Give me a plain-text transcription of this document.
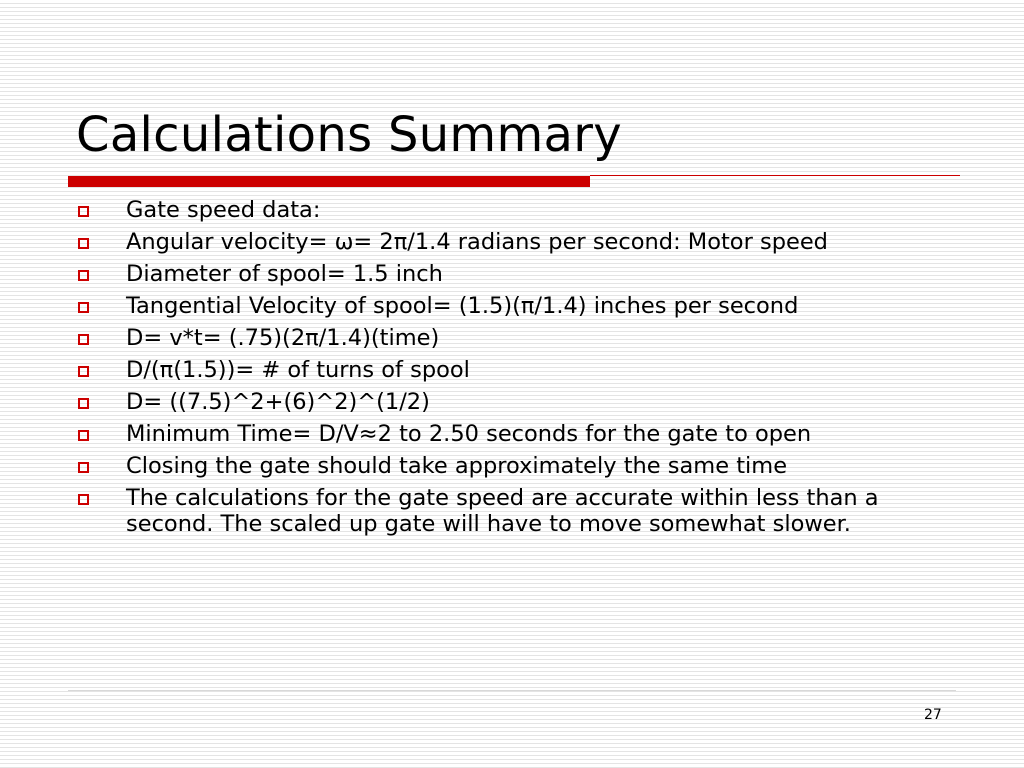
Calculations Summary
Gate speed data:
Angular velocity= ω= 2π/1.4 radians per second: Motor speed
Diameter of spool= 1.5 inch
Tangential Velocity of spool= (1.5)(π/1.4) inches per second
D= v*t= (.75)(2π/1.4)(time)
D/(π(1.5))= # of turns of spool
D= ((7.5)^2+(6)^2)^(1/2)
Minimum Time= D/V≈2 to 2.50 seconds for the gate to open
Closing the gate should take approximately the same time
The calculations for the gate speed are accurate within less than a second. The scaled up gate will have to move somewhat slower.
27
